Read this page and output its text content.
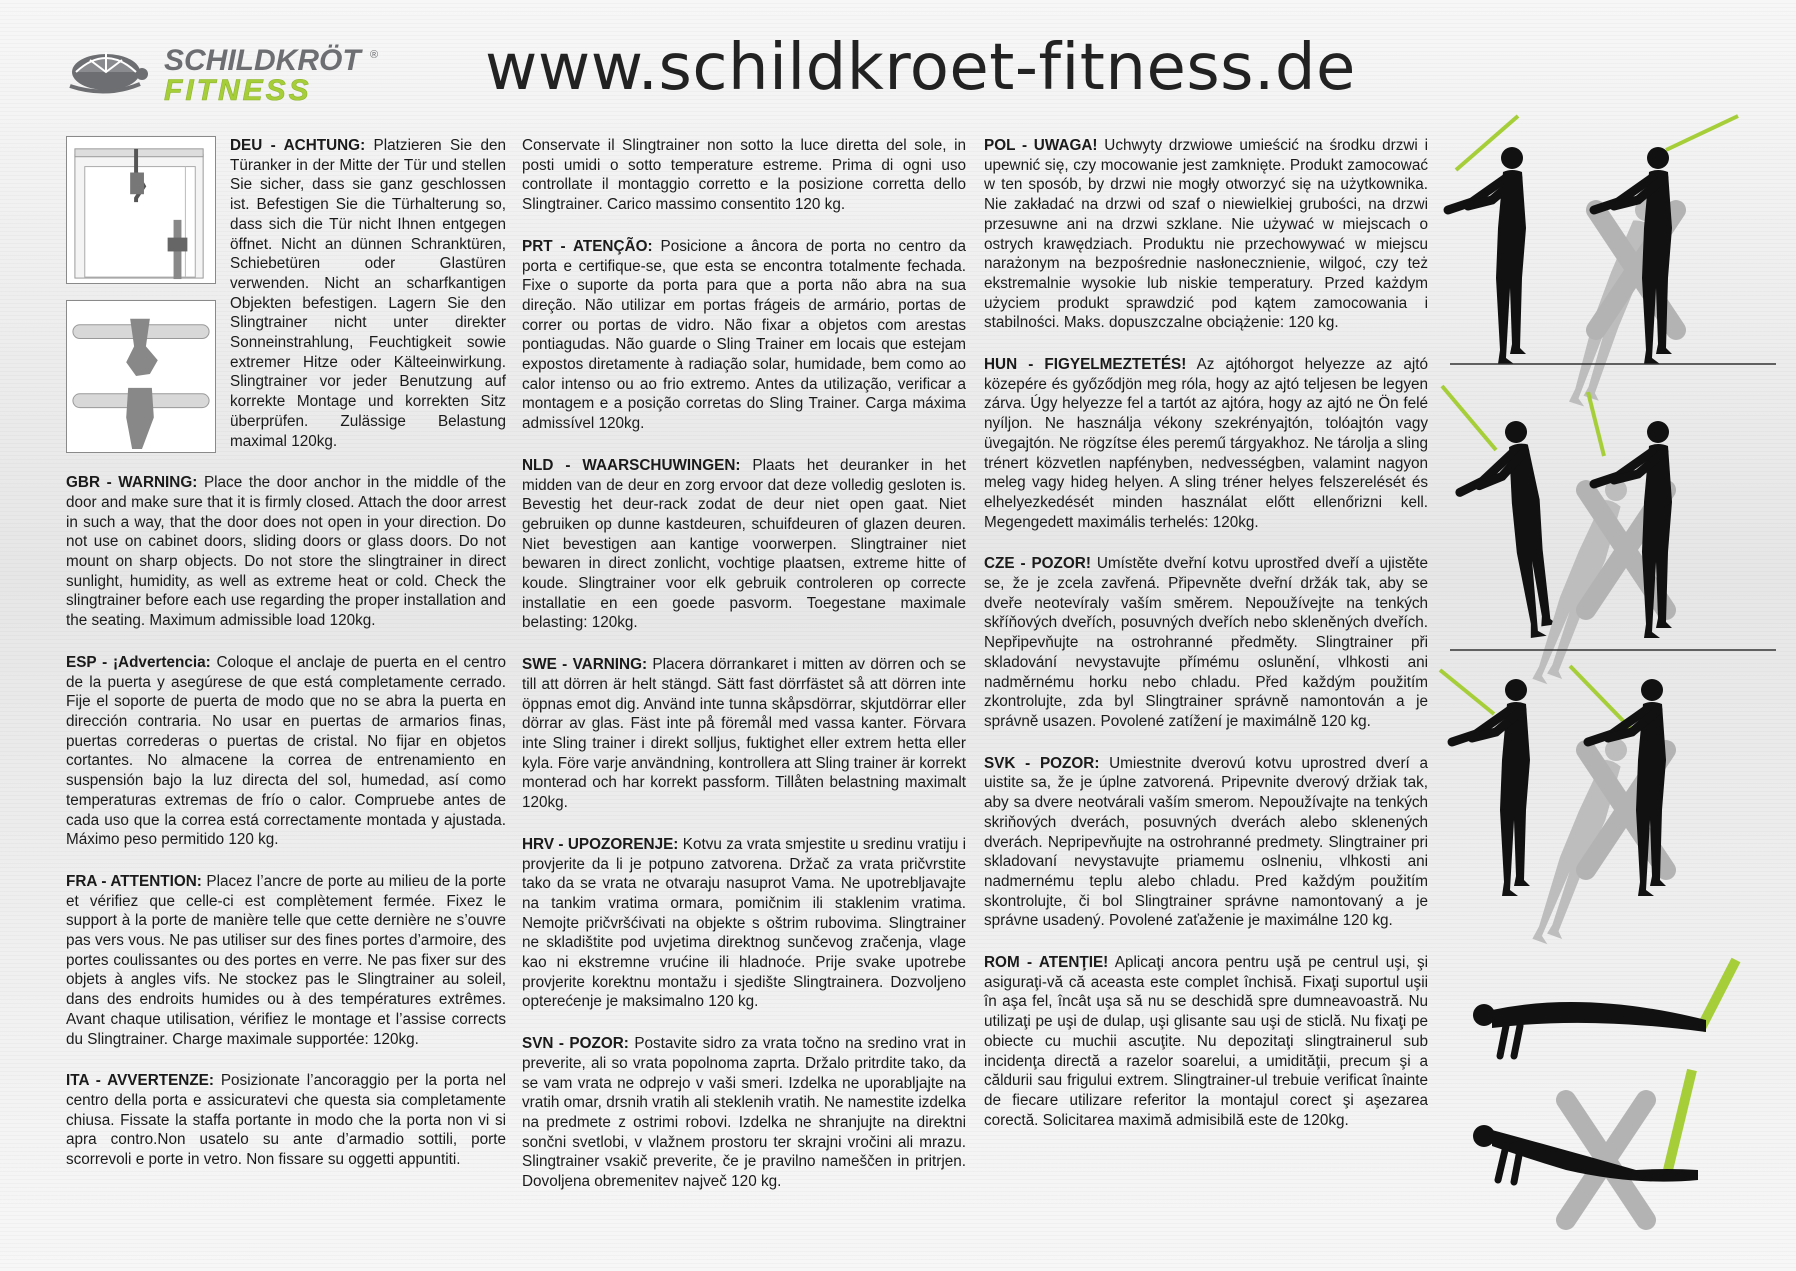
SCHILDKRÖT ®
FITNESS	www.schildkroet-fitness.de

DEU - ACHTUNG: Platzieren Sie den Türanker in der Mitte der Tür und stellen Sie sicher, dass sie ganz geschlossen ist. Befestigen Sie die Türhalterung so, dass sich die Tür nicht Ihnen entgegen öffnet. Nicht an dünnen Schranktüren, Schiebetüren oder Glastüren verwenden. Nicht an scharfkantigen Objekten befestigen. Lagern Sie den Slingtrainer nicht unter direkter Sonneinstrahlung, Feuchtigkeit sowie extremer Hitze oder Kälteeinwirkung. Slingtrainer vor jeder Benutzung auf korrekte Montage und korrekten Sitz überprüfen. Zulässige Belastung maximal 120kg.

GBR - WARNING: Place the door anchor in the middle of the door and make sure that it is firmly closed. Attach the door arrest in such a way, that the door does not open in your direction. Do not use on cabinet doors, sliding doors or glass doors. Do not mount on sharp objects. Do not store the slingtrainer in direct sunlight, humidity, as well as extreme heat or cold. Check the slingtrainer before each use regarding the proper installation and the seating. Maximum admissible load 120kg.

ESP - ¡Advertencia: Coloque el anclaje de puerta en el centro de la puerta y asegúrese de que está completamente cerrado. Fije el soporte de puerta de modo que no se abra la puerta en dirección contraria. No usar en puertas de armarios finas, puertas correderas o puertas de cristal. No fijar en objetos cortantes. No almacene la correa de entrenamiento en suspensión bajo la luz directa del sol, humedad, así como temperaturas extremas de frío o calor. Compruebe antes de cada uso que la correa está correctamente montada y ajustada. Máximo peso permitido 120 kg.

FRA - ATTENTION: Placez l’ancre de porte au milieu de la porte et vérifiez que celle-ci est complètement fermée. Fixez le support à la porte de manière telle que cette dernière ne s’ouvre pas vers vous. Ne pas utiliser sur des fines portes d’armoire, des portes coulissantes ou des portes en verre. Ne pas fixer sur des objets à angles vifs. Ne stockez pas le Slingtrainer au soleil, dans des endroits humides ou à des températures extrêmes. Avant chaque utilisation, vérifiez le montage et l’assise corrects du Slingtrainer. Charge maximale supportée: 120kg.

ITA - AVVERTENZE: Posizionate l’ancoraggio per la porta nel centro della porta e assicuratevi che questa sia completamente chiusa. Fissate la staffa portante in modo che la porta non vi si apra contro.Non usatelo su ante d’armadio sottili, porte scorrevoli e porte in vetro. Non fissare su oggetti appuntiti.

Conservate il Slingtrainer non sotto la luce diretta del sole, in posti umidi o sotto temperature estreme. Prima di ogni uso controllate il montaggio corretto e la posizione corretta dello Slingtrainer. Carico massimo consentito 120 kg.

PRT - ATENÇÃO: Posicione a âncora de porta no centro da porta e certifique-se, que esta se encontra totalmente fechada. Fixe o suporte da porta para que a porta não abra na sua direção. Não utilizar em portas frágeis de armário, portas de correr ou portas de vidro. Não fixar a objetos com arestas pontiagudas. Não guarde o Sling Trainer em locais que estejam expostos diretamente à radiação solar, humidade, bem como ao calor intenso ou ao frio extremo. Antes da utilização, verificar a montagem e a posição corretas do Sling Trainer. Carga máxima admissível 120kg.

NLD - WAARSCHUWINGEN: Plaats het deuranker in het midden van de deur en zorg ervoor dat deze volledig gesloten is. Bevestig het deur-rack zodat de deur niet open gaat. Niet gebruiken op dunne kastdeuren, schuifdeuren of glazen deuren. Niet bevestigen aan kantige voorwerpen. Slingtrainer niet bewaren in direct zonlicht, vochtige plaatsen, extreme hitte of koude. Slingtrainer voor elk gebruik controleren op correcte installatie en een goede pasvorm. Toegestane maximale belasting: 120kg.

SWE - VARNING: Placera dörrankaret i mitten av dörren och se till att dörren är helt stängd. Sätt fast dörrfästet så att dörren inte öppnas emot dig. Använd inte tunna skåpsdörrar, skjutdörrar eller dörrar av glas. Fäst inte på föremål med vassa kanter. Förvara inte Sling trainer i direkt solljus, fuktighet eller extrem hetta eller kyla. Före varje användning, kontrollera att Sling trainer är korrekt monterad och har korrekt passform. Tillåten belastning maximalt 120kg.

HRV - UPOZORENJE: Kotvu za vrata smjestite u sredinu vratiju i provjerite da li je potpuno zatvorena. Držač za vrata pričvrstite tako da se vrata ne otvaraju nasuprot Vama. Ne upotrebljavajte na tankim vratima ormara, pomičnim ili staklenim vratima. Nemojte pričvršćivati na objekte s oštrim rubovima. Slingtrainer ne skladištite pod uvjetima direktnog sunčevog zračenja, vlage kao ni ekstremne vrućine ili hladnoće. Prije svake upotrebe provjerite korektnu montažu i sjedište Slingtrainera. Dozvoljeno opterećenje je maksimalno 120 kg.

SVN - POZOR: Postavite sidro za vrata točno na sredino vrat in preverite, ali so vrata popolnoma zaprta. Držalo pritrdite tako, da se vam vrata ne odprejo v vaši smeri. Izdelka ne uporabljajte na vratih omar, drsnih vratih ali steklenih vratih. Ne namestite izdelka na predmete z ostrimi robovi. Izdelka ne shranjujte na direktni sončni svetlobi, v vlažnem prostoru ter skrajni vročini ali mrazu. Slingtrainer vsakič preverite, če je pravilno nameščen in pritrjen. Dovoljena obremenitev največ 120 kg.

POL - UWAGA! Uchwyty drzwiowe umieścić na środku drzwi i upewnić się, czy mocowanie jest zamknięte. Produkt zamocować w ten sposób, by drzwi nie mogły otworzyć się na użytkownika. Nie zakładać na drzwi od szaf o niewielkiej grubości, na drzwi przesuwne ani na drzwi szklane. Nie używać w miejscach o ostrych krawędziach. Produktu nie przechowywać w miejscu narażonym na bezpośrednie nasłonecznienie, wilgoć, czy też ekstremalnie wysokie lub niskie temperatury. Przed każdym użyciem produkt sprawdzić pod kątem zamocowania i stabilności. Maks. dopuszczalne obciążenie: 120 kg.

HUN - FIGYELMEZTETÉS! Az ajtóhorgot helyezze az ajtó közepére és győződjön meg róla, hogy az ajtó teljesen be legyen zárva. Úgy helyezze fel a tartót az ajtóra, hogy az ajtó ne Ön felé nyíljon. Ne használja vékony szekrényajtón, tolóajtón vagy üvegajtón. Ne rögzítse éles peremű tárgyakhoz. Ne tárolja a sling trénert közvetlen napfényben, nedvességben, valamint nagyon meleg vagy hideg helyen. A sling tréner helyes felszerelését és elhelyezkedését minden használat előtt ellenőrizni kell. Megengedett maximális terhelés: 120kg.

CZE - POZOR! Umístěte dveřní kotvu uprostřed dveří a ujistěte se, že je zcela zavřená. Připevněte dveřní držák tak, aby se dveře neotevíraly vaším směrem. Nepoužívejte na tenkých skříňových dveřích, posuvných dveřích nebo skleněných dveřích. Nepřipevňujte na ostrohranné předměty. Slingtrainer při skladování nevystavujte přímému oslunění, vlhkosti ani nadměrnému horku nebo chladu. Před každým použitím zkontrolujte, zda byl Slingtrainer správně namontován a je správně usazen. Povolené zatížení je maximálně 120 kg.

SVK - POZOR: Umiestnite dverovú kotvu uprostred dverí a uistite sa, že je úplne zatvorená. Pripevnite dverový držiak tak, aby sa dvere neotvárali vaším smerom. Nepoužívajte na tenkých skriňových dverách, posuvných dverách alebo sklenených dverách. Nepripevňujte na ostrohranné predmety. Slingtrainer pri skladovaní nevystavujte priamemu oslneniu, vlhkosti ani nadmernému teplu alebo chladu. Pred každým použitím skontrolujte, či bol Slingtrainer správne namontovaný a je správne usadený. Povolené zaťaženie je maximálne 120 kg.

ROM - ATENŢIE! Aplicaţi ancora pentru uşă pe centrul uşi, şi asiguraţi-vă că aceasta este complet închisă. Fixaţi suportul uşii în aşa fel, încât uşa să nu se deschidă spre dumneavoastră. Nu utilizaţi pe uşi de dulap, uşi glisante sau uşi de sticlă. Nu fixaţi pe obiecte cu muchii ascuţite. Nu depozitaţi slingtrainerul sub incidenţa directă a razelor soarelui, a umidităţii, precum şi a căldurii sau frigului extrem. Slingtrainer-ul trebuie verificat înainte de fiecare utilizare referitor la montajul corect şi aşezarea corectă. Solicitarea maximă admisibilă este de 120kg.
